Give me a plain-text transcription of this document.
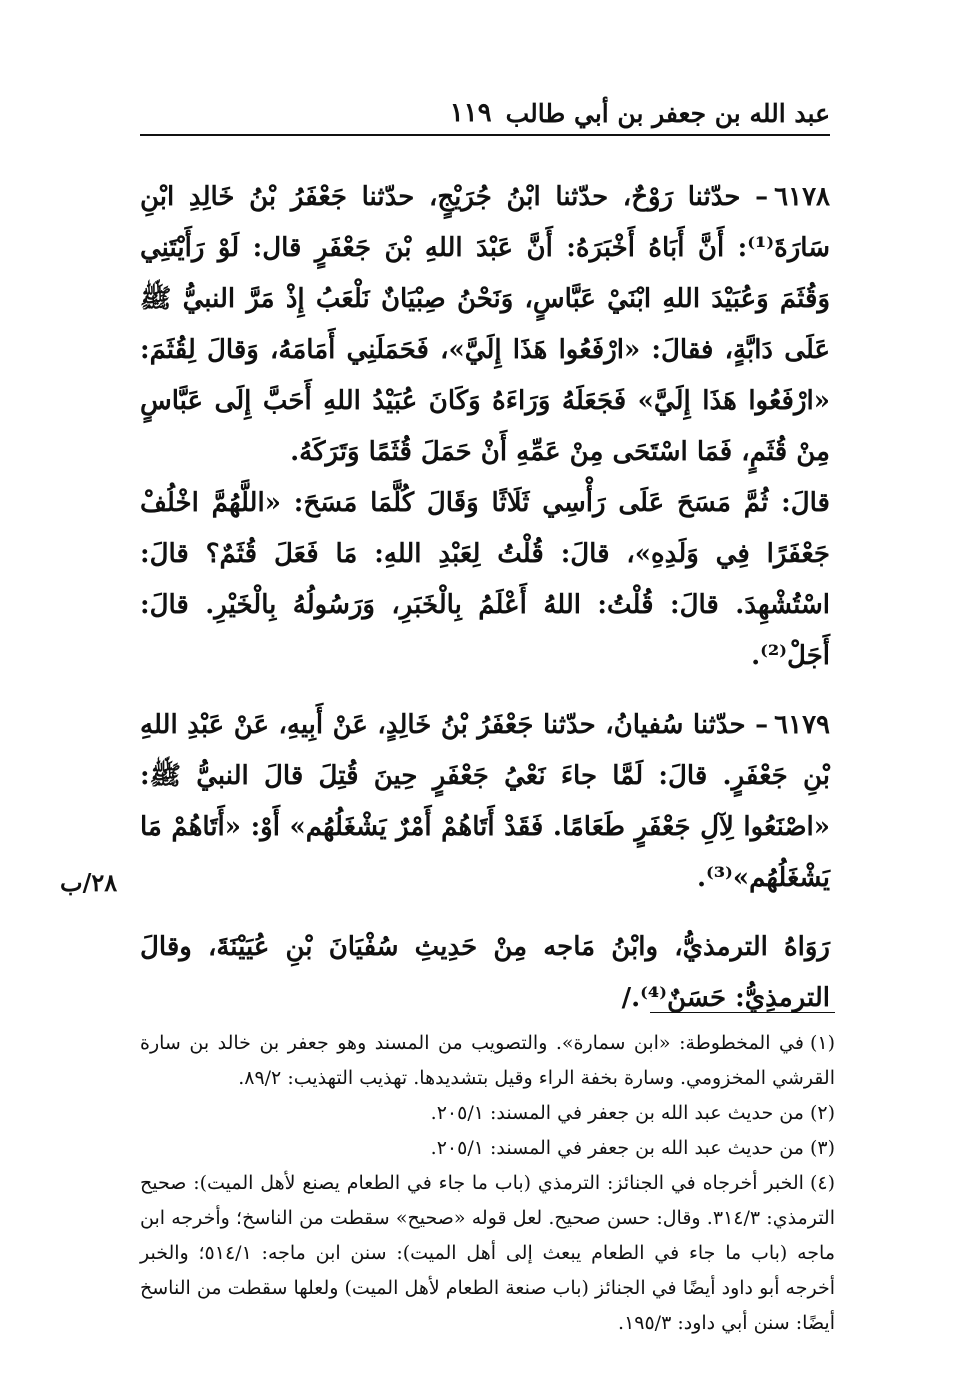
عبد الله بن جعفر بن أبي طالب
١١٩

٦١٧٨– حدّثنا رَوْحٌ، حدّثنا ابْنُ جُرَيْجٍ، حدّثنا جَعْفَرُ بْنُ خَالِدِ ابْنِ سَارَةَ⁽¹⁾: أَنَّ أَبَاهُ أَخْبَرَهُ: أَنَّ عَبْدَ اللهِ بْنَ جَعْفَرٍ قال: لَوْ رَأَيْتَنِي وَقُثَمَ وَعُبَيْدَ اللهِ ابْنَيْ عَبَّاسٍ، وَنَحْنُ صِبْيَانٌ نَلْعَبُ إِذْ مَرَّ النبيُّ ﷺ عَلَى دَابَّةٍ، فقالَ: «ارْفَعُوا هَذَا إِلَيَّ»، فَحَمَلَنِي أَمَامَهُ، وَقالَ لِقُثَمَ: «ارْفَعُوا هَذَا إِلَيَّ» فَجَعَلَهُ وَرَاءَهُ وَكَانَ عُبَيْدُ اللهِ أَحَبَّ إِلَى عَبَّاسٍ مِنْ قُثَمٍ، فَمَا اسْتَحَى مِنْ عَمِّهِ أَنْ حَمَلَ قُثَمًا وَتَرَكَهُ.

قالَ: ثُمَّ مَسَحَ عَلَى رَأْسِي ثَلَاثًا وَقَالَ كُلَّمَا مَسَحَ: «اللَّهُمَّ اخْلُفْ جَعْفَرًا فِي وَلَدِهِ»، قالَ: قُلْتُ لِعَبْدِ اللهِ: مَا فَعَلَ قُثَمٌ؟ قالَ: اسْتُشْهِدَ. قالَ: قُلْتُ: اللهُ أَعْلَمُ بِالْخَبَرِ، وَرَسُولُهُ بِالْخَيْرِ. قالَ: أَجَلْ⁽²⁾.

٦١٧٩– حدّثنا سُفيانُ، حدّثنا جَعْفَرُ بْنُ خَالِدٍ، عَنْ أَبِيهِ، عَنْ عَبْدِ اللهِ بْنِ جَعْفَرٍ. قالَ: لَمَّا جاءَ نَعْيُ جَعْفَرٍ حِينَ قُتِلَ قالَ النبيُّ ﷺ: «اصْنَعُوا لِآلِ جَعْفَرٍ طَعَامًا. فَقَدْ أَتَاهُمْ أَمْرٌ يَشْغَلُهُم» أَوْ: «أَتَاهُمْ مَا يَشْغَلُهُم»⁽³⁾.

رَوَاهُ الترمذيُّ، وابْنُ مَاجه مِنْ حَدِيثِ سُفْيَانَ بْنِ عُيَيْنَةَ، وقالَ الترمذِيُّ: حَسَنٌ⁽⁴⁾./

٢٨/ب

(١)في المخطوطة: «ابن سمارة». والتصويب من المسند وهو جعفر بن خالد بن سارة القرشي المخزومي. وسارة بخفة الراء وقيل بتشديدها. تهذيب التهذيب: ٨٩/٢.

(٢)من حديث عبد الله بن جعفر في المسند: ٢٠٥/١.

(٣)من حديث عبد الله بن جعفر في المسند: ٢٠٥/١.

(٤)الخبر أخرجاه في الجنائز: الترمذي (باب ما جاء في الطعام يصنع لأهل الميت): صحيح الترمذي: ٣١٤/٣. وقال: حسن صحيح. لعل قوله «صحيح» سقطت من الناسخ؛ وأخرجه ابن ماجه (باب ما جاء في الطعام يبعث إلى أهل الميت): سنن ابن ماجه: ٥١٤/١؛ والخبر أخرجه أبو داود أيضًا في الجنائز (باب صنعة الطعام لأهل الميت) ولعلها سقطت من الناسخ أيضًا: سنن أبي داود: ١٩٥/٣.
